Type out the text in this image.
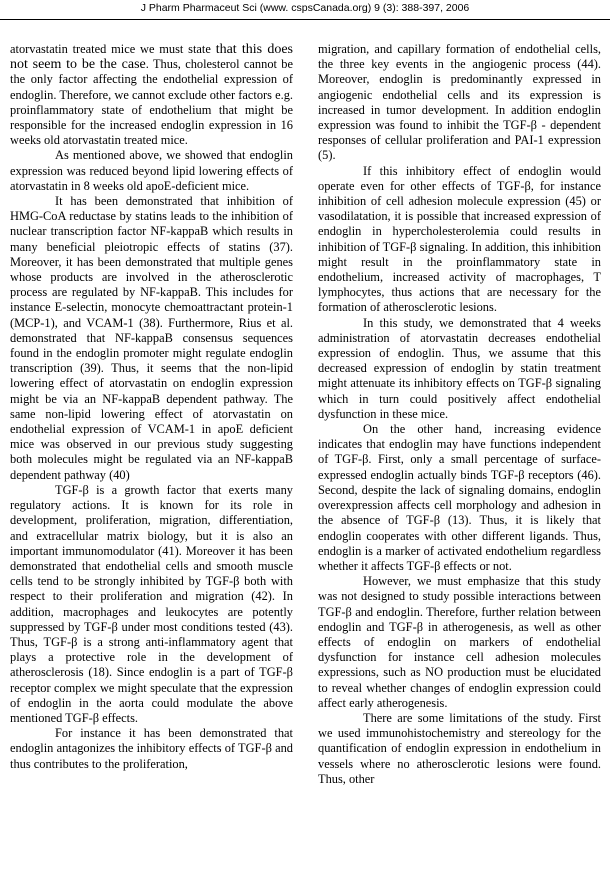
J Pharm Pharmaceut Sci (www. cspsCanada.org) 9 (3): 388-397, 2006

atorvastatin treated mice we must state that this does not seem to be the case. Thus, cholesterol cannot be the only factor affecting the endothelial expression of endoglin. Therefore, we cannot exclude other factors e.g. proinflammatory state of endothelium that might be responsible for the increased endoglin expression in 16 weeks old atorvastatin treated mice.

As mentioned above, we showed that endoglin expression was reduced beyond lipid lowering effects of atorvastatin in 8 weeks old apoE-deficient mice.

It has been demonstrated that inhibition of HMG-CoA reductase by statins leads to the inhibition of nuclear transcription factor NF-kappaB which results in many beneficial pleiotropic effects of statins (37). Moreover, it has been demonstrated that multiple genes whose products are involved in the atherosclerotic process are regulated by NF-kappaB. This includes for instance E-selectin, monocyte chemoattractant protein-1 (MCP-1), and VCAM-1 (38). Furthermore, Rius et al. demonstrated that NF-kappaB consensus sequences found in the endoglin promoter might regulate endoglin transcription (39). Thus, it seems that the non-lipid lowering effect of atorvastatin on endoglin expression might be via an NF-kappaB dependent pathway. The same non-lipid lowering effect of atorvastatin on endothelial expression of VCAM-1 in apoE deficient mice was observed in our previous study suggesting both molecules might be regulated via an NF-kappaB dependent pathway (40)

TGF-β is a growth factor that exerts many regulatory actions. It is known for its role in development, proliferation, migration, differentiation, and extracellular matrix biology, but it is also an important immunomodulator (41). Moreover it has been demonstrated that endothelial cells and smooth muscle cells tend to be strongly inhibited by TGF-β both with respect to their proliferation and migration (42). In addition, macrophages and leukocytes are potently suppressed by TGF-β under most conditions tested (43). Thus, TGF-β is a strong anti-inflammatory agent that plays a protective role in the development of atherosclerosis (18). Since endoglin is a part of TGF-β receptor complex we might speculate that the expression of endoglin in the aorta could modulate the above mentioned TGF-β effects.

For instance it has been demonstrated that endoglin antagonizes the inhibitory effects of TGF-β and thus contributes to the proliferation,

migration, and capillary formation of endothelial cells, the three key events in the angiogenic process (44). Moreover, endoglin is predominantly expressed in angiogenic endothelial cells and its expression is increased in tumor development. In addition endoglin expression was found to inhibit the TGF-β - dependent responses of cellular proliferation and PAI-1 expression (5).

If this inhibitory effect of endoglin would operate even for other effects of TGF-β, for instance inhibition of cell adhesion molecule expression (45) or vasodilatation, it is possible that increased expression of endoglin in hypercholesterolemia could results in inhibition of TGF-β signaling. In addition, this inhibition might result in the proinflammatory state in endothelium, increased activity of macrophages, T lymphocytes, thus actions that are necessary for the formation of atherosclerotic lesions.

In this study, we demonstrated that 4 weeks administration of atorvastatin decreases endothelial expression of endoglin. Thus, we assume that this decreased expression of endoglin by statin treatment might attenuate its inhibitory effects on TGF-β signaling which in turn could positively affect endothelial dysfunction in these mice.

On the other hand, increasing evidence indicates that endoglin may have functions independent of TGF-β. First, only a small percentage of surface-expressed endoglin actually binds TGF-β receptors (46). Second, despite the lack of signaling domains, endoglin overexpression affects cell morphology and adhesion in the absence of TGF-β (13). Thus, it is likely that endoglin cooperates with other different ligands. Thus, endoglin is a marker of activated endothelium regardless whether it affects TGF-β effects or not.

However, we must emphasize that this study was not designed to study possible interactions between TGF-β and endoglin. Therefore, further relation between endoglin and TGF-β in atherogenesis, as well as other effects of endoglin on markers of endothelial dysfunction for instance cell adhesion molecules expressions, such as NO production must be elucidated to reveal whether changes of endoglin expression could affect early atherogenesis.

There are some limitations of the study. First we used immunohistochemistry and stereology for the quantification of endoglin expression in endothelium in vessels where no atherosclerotic lesions were found. Thus, other
